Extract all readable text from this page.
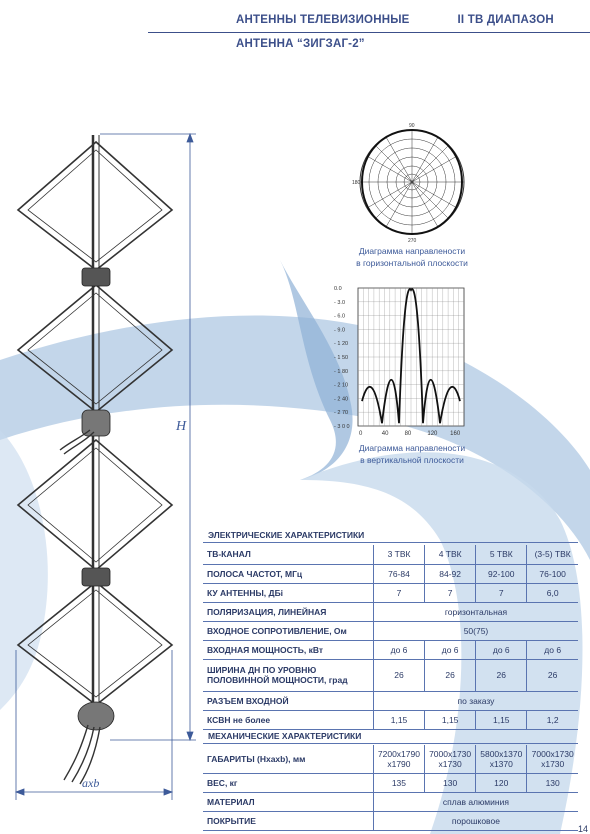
АНТЕННЫ ТЕЛЕВИЗИОННЫЕ	II ТВ ДИАПАЗОН
АНТЕННА “ЗИГЗАГ-2”
H
axb
90
180
270
Диаграмма направлености
в горизонтальной плоскости
0.0
- 3.0
- 6.0
- 9.0
- 1 20
- 1 50
- 1 80
- 2 10
- 2 40
- 2 70
- 3 0 0
0	40	80	120 160
Диаграмма направлености
в вертикальной плоскости
ЭЛЕКТРИЧЕСКИЕ ХАРАКТЕРИСТИКИ
ТВ-КАНАЛ	3 ТВК	4 ТВК	5 ТВК	(3-5) ТВК
ПОЛОСА ЧАСТОТ, МГц	76-84	84-92	92-100	76-100
КУ АНТЕННЫ, ДБі	7	7	7	6,0
ПОЛЯРИЗАЦИЯ, ЛИНЕЙНАЯ	горизонтальная			
ВХОДНОЕ СОПРОТИВЛЕНИЕ, Ом	50(75)			
ВХОДНАЯ МОЩНОСТЬ, кВт	до 6	до 6	до 6	до 6
ШИРИНА ДН ПО УРОВНЮ ПОЛОВИННОЙ МОЩНОСТИ, град	26	26	26	26
РАЗЪЕМ ВХОДНОЙ	по заказу			
КСВН не более	1,15	1,15	1,15	1,2
МЕХАНИЧЕСКИЕ ХАРАКТЕРИСТИКИ
ГАБАРИТЫ (Нxaxb), мм	7200x1790 x1790	7000x1730 x1730	5800x1370 x1370	7000x1730 x1730
ВЕС, кг	135	130	120	130
МАТЕРИАЛ	сплав алюминия			
ПОКРЫТИЕ	порошковое			
14
